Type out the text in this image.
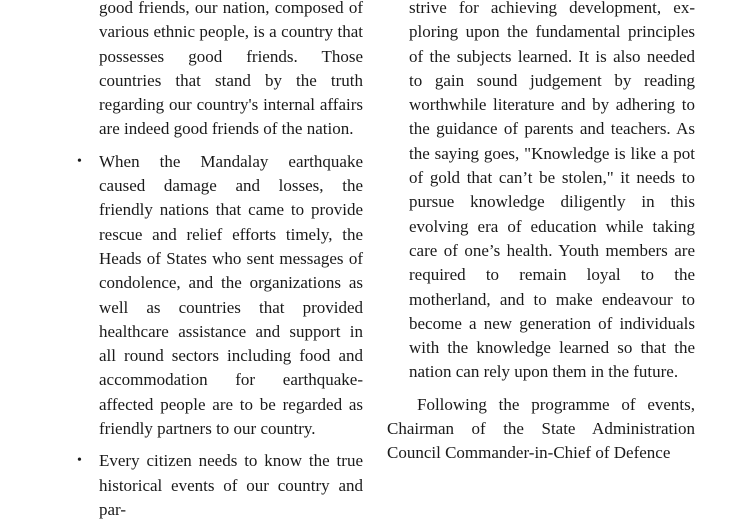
good friends, our nation, composed of various ethnic people, is a country that possesses good friends. Those countries that stand by the truth regarding our country's internal affairs are indeed good friends of the nation.

• When the Mandalay earthquake caused damage and losses, the friendly nations that came to provide rescue and relief efforts timely, the Heads of States who sent messages of condolence, and the organizations as well as countries that provided healthcare assistance and support in all round sectors including food and accommodation for earthquake-affected people are to be regarded as friendly partners to our country.

• Every citizen needs to know the true historical events of our country and par-

strive for achieving development, exploring upon the fundamental principles of the subjects learned. It is also needed to gain sound judgement by reading worthwhile literature and by adhering to the guidance of parents and teachers. As the saying goes, "Knowledge is like a pot of gold that can’t be stolen," it needs to pursue knowledge diligently in this evolving era of education while taking care of one’s health. Youth members are required to remain loyal to the motherland, and to make endeavour to become a new generation of individuals with the knowledge learned so that the nation can rely upon them in the future.

Following the programme of events, Chairman of the State Administration Council Commander-in-Chief of Defence
